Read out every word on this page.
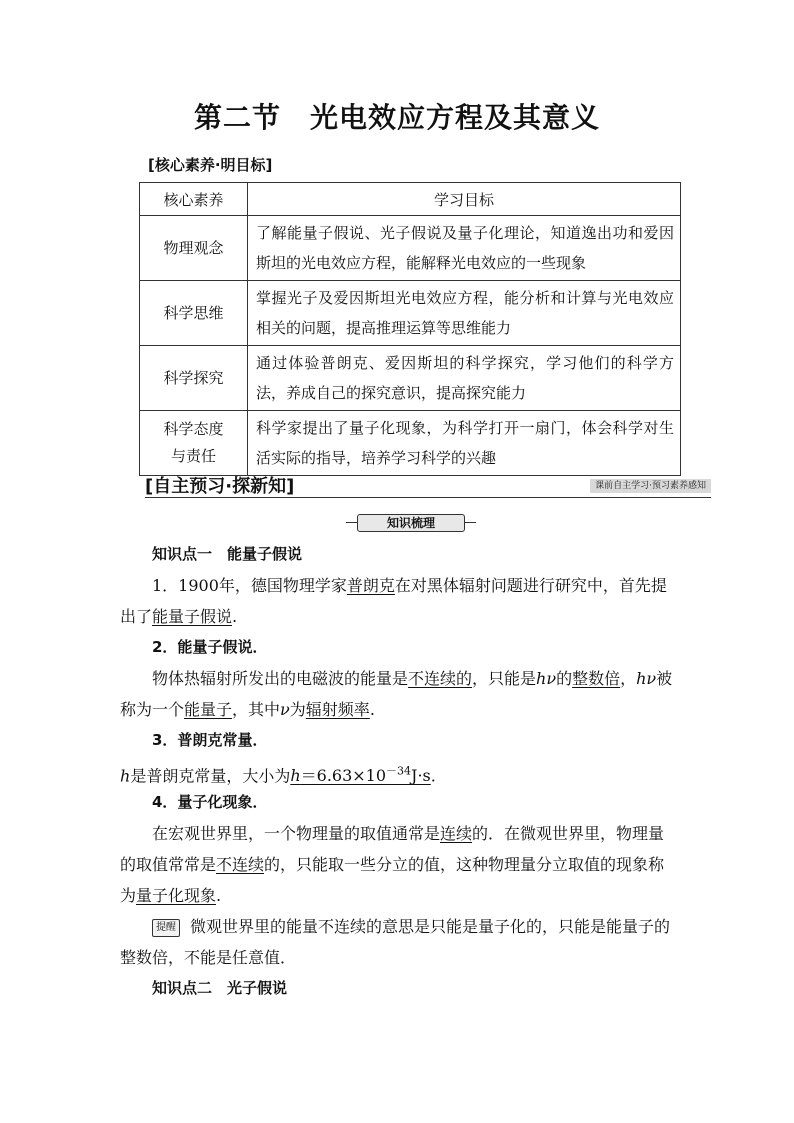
第二节　光电效应方程及其意义
[核心素养·明目标]
核心素养	学习目标
物理观念	了解能量子假说、光子假说及量子化理论，知道逸出功和爱因斯坦的光电效应方程，能解释光电效应的一些现象
科学思维	掌握光子及爱因斯坦光电效应方程，能分析和计算与光电效应相关的问题，提高推理运算等思维能力
科学探究	通过体验普朗克、爱因斯坦的科学探究，学习他们的科学方法，养成自己的探究意识，提高探究能力
科学态度
与责任	科学家提出了量子化现象，为科学打开一扇门，体会科学对生活实际的指导，培养学习科学的兴趣
[自主预习·探新知]	课前自主学习·预习素养感知
知识梳理
知识点一　能量子假说
1．1900年，德国物理学家普朗克在对黑体辐射问题进行研究中，首先提出了能量子假说.
2．能量子假说．
物体热辐射所发出的电磁波的能量是不连续的，只能是hν的整数倍，hν被称为一个能量子，其中ν为辐射频率.
3．普朗克常量．
h是普朗克常量，大小为$h=6.63\times 10^{-34}J\cdot s$.
4．量子化现象．
在宏观世界里，一个物理量的取值通常是连续的．在微观世界里，物理量的取值常常是不连续的，只能取一些分立的值，这种物理量分立取值的现象称为量子化现象.
提醒 微观世界里的能量不连续的意思是只能是量子化的，只能是能量子的整数倍，不能是任意值．
知识点二　光子假说
